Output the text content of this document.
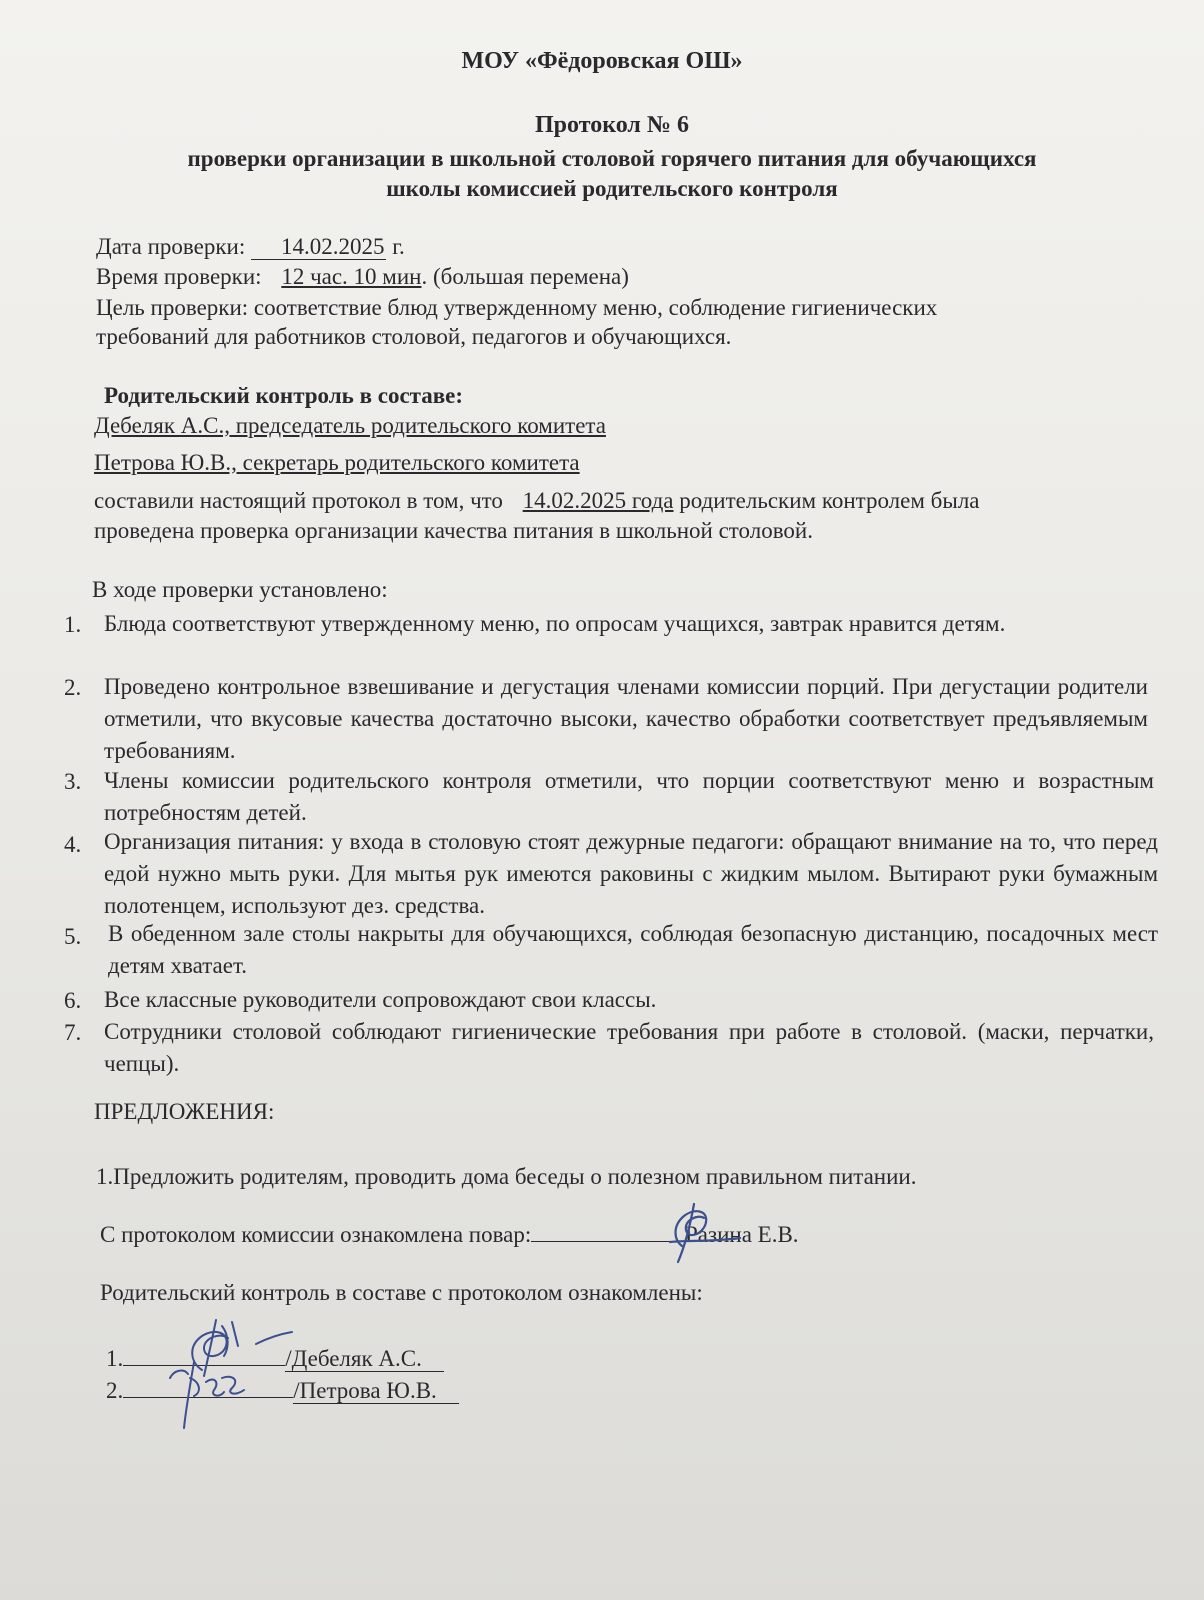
МОУ «Фёдоровская ОШ»
Протокол № 6
проверки организации в школьной столовой горячего питания для обучающихся
школы комиссией родительского контроля
Дата проверки: 14.02.2025 г.
Время проверки: 12 час. 10 мин. (большая перемена)
Цель проверки: соответствие блюд утвержденному меню, соблюдение гигиенических
требований для работников столовой, педагогов и обучающихся.
Родительский контроль в составе:
Дебеляк А.С., председатель родительского комитета
Петрова Ю.В., секретарь родительского комитета
составили настоящий протокол в том, что 14.02.2025 года родительским контролем была
проведена проверка организации качества питания в школьной столовой.
В ходе проверки установлено:
1. Блюда соответствуют утвержденному меню, по опросам учащихся, завтрак нравится детям.
2. Проведено контрольное взвешивание и дегустация членами комиссии порций. При дегустации родители отметили, что вкусовые качества достаточно высоки, качество обработки соответствует предъявляемым требованиям.
3. Члены комиссии родительского контроля отметили, что порции соответствуют меню и возрастным потребностям детей.
4. Организация питания: у входа в столовую стоят дежурные педагоги: обращают внимание на то, что перед едой нужно мыть руки. Для мытья рук имеются раковины с жидким мылом. Вытирают руки бумажным полотенцем, используют дез. средства.
5. В обеденном зале столы накрыты для обучающихся, соблюдая безопасную дистанцию, посадочных мест детям хватает.
6. Все классные руководители сопровождают свои классы.
7. Сотрудники столовой соблюдают гигиенические требования при работе в столовой. (маски, перчатки, чепцы).
ПРЕДЛОЖЕНИЯ:
1.Предложить родителям, проводить дома беседы о полезном правильном питании.
С протоколом комиссии ознакомлена повар:	Разина Е.В.
Родительский контроль в составе с протоколом ознакомлены:
1.	/Дебеляк А.С.
2.	/Петрова Ю.В.
